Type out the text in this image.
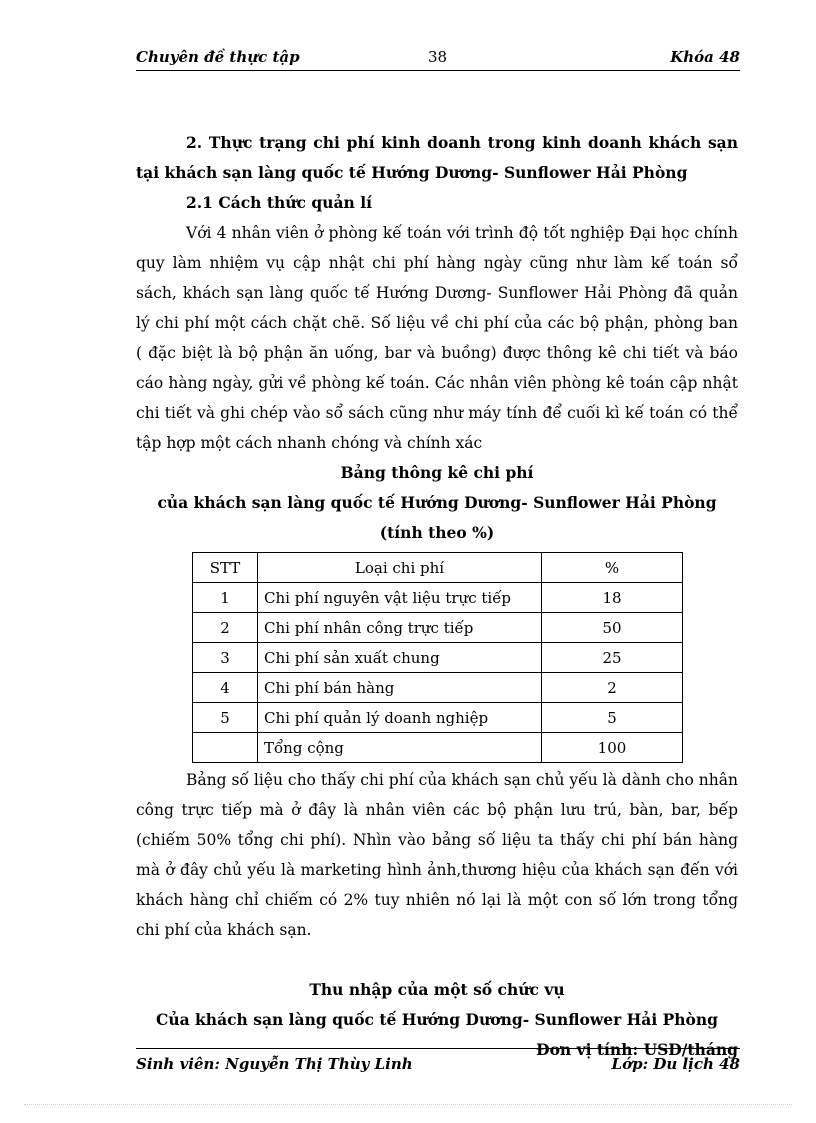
Chuyên đề thực tập	38	Khóa 48

2. Thực trạng chi phí kinh doanh trong kinh doanh khách sạn tại khách sạn làng quốc tế Hướng Dương- Sunflower Hải Phòng

2.1 Cách thức quản lí

Với 4 nhân viên ở phòng kế toán với trình độ tốt nghiệp Đại học chính quy làm nhiệm vụ cập nhật chi phí hàng ngày cũng như làm kế toán sổ sách, khách sạn làng quốc tế Hướng Dương- Sunflower Hải Phòng đã quản lý chi phí một cách chặt chẽ. Số liệu về chi phí của các bộ phận, phòng ban ( đặc biệt là bộ phận ăn uống, bar và buồng) được thông kê chi tiết và báo cáo hàng ngày, gửi về phòng kế toán. Các nhân viên phòng kê toán cập nhật chi tiết và ghi chép vào sổ sách cũng như máy tính để cuối kì kế toán có thể tập hợp một cách nhanh chóng và chính xác

Bảng thông kê chi phí

của khách sạn làng quốc tế Hướng Dương- Sunflower Hải Phòng

(tính theo %)

STT	Loại chi phí	%
1	Chi phí nguyên vật liệu trực tiếp	18
2	Chi phí nhân công trực tiếp	50
3	Chi phí sản xuất chung	25
4	Chi phí bán hàng	2
5	Chi phí quản lý doanh nghiệp	5
	Tổng cộng	100

Bảng số liệu cho thấy chi phí của khách sạn chủ yếu là dành cho nhân công trực tiếp mà ở đây là nhân viên các bộ phận lưu trú, bàn, bar, bếp (chiếm 50% tổng chi phí). Nhìn vào bảng số liệu ta thấy chi phí bán hàng mà ở đây chủ yếu là marketing hình ảnh,thương hiệu của khách sạn đến với khách hàng chỉ chiếm có 2% tuy nhiên nó lại là một con số lớn trong tổng chi phí của khách sạn.

Thu nhập của một số chức vụ

Của khách sạn làng quốc tế Hướng Dương- Sunflower Hải Phòng

Đơn vị tính: USD/tháng

Sinh viên: Nguyễn Thị Thùy Linh	Lớp: Du lịch 48
